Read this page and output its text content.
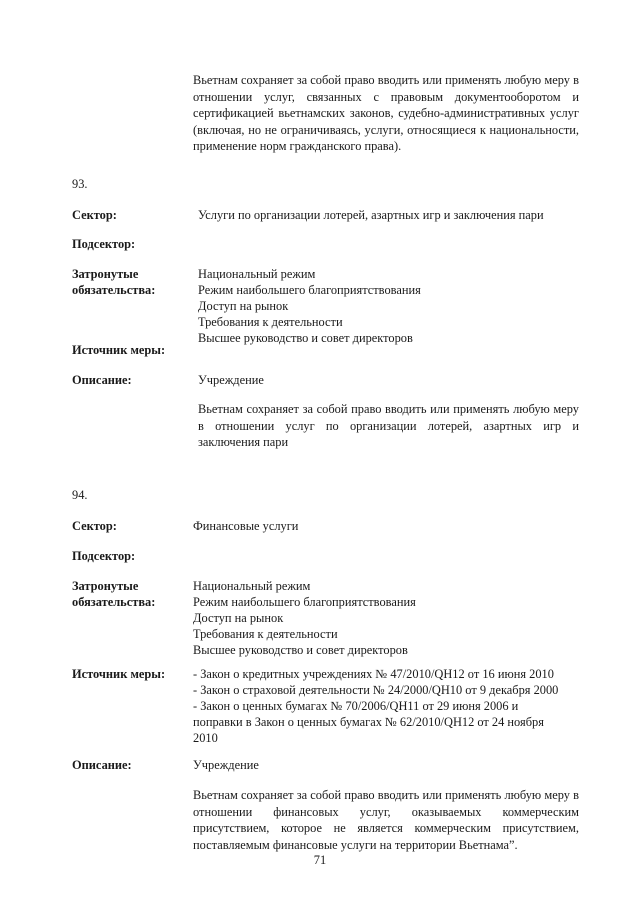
Вьетнам сохраняет за собой право вводить или применять любую меру в отношении услуг, связанных с правовым документооборотом и сертификацией вьетнамских законов, судебно-административных услуг (включая, но не ограничиваясь, услуги, относящиеся к национальности, применение норм гражданского права).
93.
Сектор:	Услуги по организации лотерей, азартных игр и заключения пари
Подсектор:
Затронутые
обязательства:
Национальный режим
Режим наибольшего благоприятствования
Доступ на рынок
Требования к деятельности
Высшее руководство и совет директоров
Источник меры:
Описание:	Учреждение
Вьетнам сохраняет за собой право вводить или применять любую меру в отношении услуг по организации лотерей, азартных игр и заключения пари
94.
Сектор:	Финансовые услуги
Подсектор:
Затронутые
обязательства:
Национальный режим
Режим наибольшего благоприятствования
Доступ на рынок
Требования к деятельности
Высшее руководство и совет директоров
Источник меры: - Закон о кредитных учреждениях № 47/2010/QH12 от 16 июня 2010
- Закон о страховой деятельности № 24/2000/QH10 от 9 декабря 2000
- Закон о ценных бумагах № 70/2006/QH11 от 29 июня 2006 и
поправки в Закон о ценных бумагах № 62/2010/QH12 от 24 ноября
2010
Описание:	Учреждение
Вьетнам сохраняет за собой право вводить или применять любую меру в отношении финансовых услуг, оказываемых коммерческим присутствием, которое не является коммерческим присутствием, поставляемым финансовые услуги на территории Вьетнама”.
71
